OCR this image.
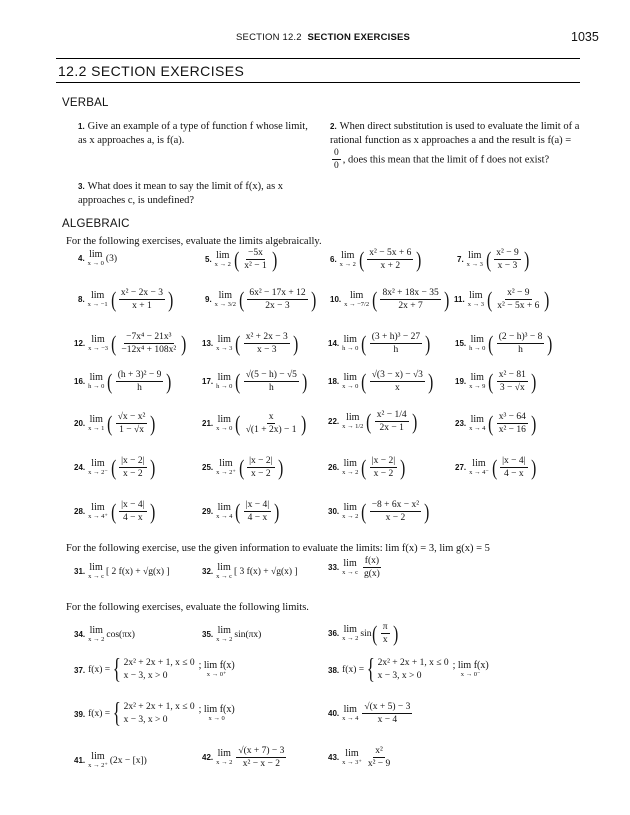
SECTION 12.2 SECTION EXERCISES	1035
12.2 SECTION EXERCISES
VERBAL
1. Give an example of a type of function f whose limit, as x approaches a, is f(a).
2. When direct substitution is used to evaluate the limit of a rational function as x approaches a and the result is f(a) =
$\frac{0}{0}$ , does this mean that the limit of f does not exist?
3. What does it mean to say the limit of f(x), as x approaches c, is undefined?
ALGEBRAIC
For the following exercises, evaluate the limits algebraically.
4. lim
x → 0 (3)	5. lim
x → 2 ( $\frac{-5x}{\text{x² − 1}}$ )	6. lim
x → 2 ( $\frac{\text{x² − 5x + 6}}{x + 2}$ )	7. lim
x → 3 ( $\frac{\text{x² − 9}}{x - 3}$ )
8. lim
x → −1 ( $\frac{\text{x² − 2x − 3}}{x + 1}$ )	9. lim
x → 3/2 ( $\frac{\text{6x² − 17x + 12}}{2x - 3}$ ) 10. lim
x → −7/2 ( $\frac{\text{8x² + 18x − 35}}{2x + 7}$ ) 11. lim
x → 3 ( $\frac{\text{x² − 9}}{\text{x² − 5x + 6}}$ )
12. lim
x → −3 ( $\frac{\text{−7x⁴ − 21x³}}{\text{−12x⁴ + 108x²}}$ ) 13. lim
x → 3 ( $\frac{\text{x² + 2x − 3}}{x - 3}$ )	14. lim
h → 0 ( $\frac{\text{(3 + h)³ − 27}}{h}$ )	15. lim
h → 0 ( $\frac{\text{(2 − h)³ − 8}}{h}$ )
16. lim
h → 0 ( $\frac{\text{(h + 3)² − 9}}{h}$ )	17. lim
h → 0 ( $\frac{√(5 - h) - √5}{h}$ )	18. lim
x → 0 ( $\frac{√(3 - x) - √3}{x}$ )	19. lim
x → 9 ( $\frac{\text{x² − 81}}{3 - √x}$ )
20. lim
x → 1 ( $\frac{\text{√x − x²}}{1 - √x}$ )	21. lim
x → 0 ( $\frac{x}{√(1 + 2x) - 1}$ )	22. lim
x → 1/2 ( $\frac{\text{x² − 1/4}}{2x - 1}$ )	23. lim
x → 4 ( $\frac{\text{x³ − 64}}{\text{x² − 16}}$ )
24. lim
x → 2⁻ ( $\frac{|x - 2|}{x - 2}$ )	25. lim
x → 2⁺ ( $\frac{|x - 2|}{x - 2}$ )	26. lim
x → 2 ( $\frac{|x - 2|}{x - 2}$ )	27. lim
x → 4⁻ ( $\frac{|x - 4|}{4 - x}$ )
28. lim
x → 4⁺ ( $\frac{|x - 4|}{4 - x}$ )	29. lim
x → 4 ( $\frac{|x - 4|}{4 - x}$ )	30. lim
x → 2 ( $\frac{\text{−8 + 6x − x²}}{x - 2}$ )
For the following exercise, use the given information to evaluate the limits: lim f(x) = 3, lim g(x) = 5
31. lim
x → c [ 2 f(x) + √g(x) ]	32. lim
x → c [ 3 f(x) + √g(x) ]	33. lim
x → c $\frac{f(x)}{g(x)}$
For the following exercises, evaluate the following limits.
34. lim
x → 2 cos(πx)	35. lim
x → 2 sin(πx)	36. lim
x → 2 sin ( $\frac{\pi}{x}$ )
37. f(x) = { 2x² + 2x + 1, x ≤ 0
x − 3, x > 0
; lim f(x)
x → 0⁺
38. f(x) = { 2x² + 2x + 1, x ≤ 0
x − 3, x > 0
; lim f(x)
x → 0⁻
39. f(x) = { 2x² + 2x + 1, x ≤ 0
x − 3, x > 0
; lim f(x)
x → 0
40. lim
$x \to 4 \frac{√(x + 5) - 3}{x - 4}$
41. lim
x → 2⁺ (2x − [x])	42. lim
$x \to 2 \frac{√(x + 7) - 3}{\text{x² − x − 2}}$	43. lim
$x \to 3^+ \frac{\text{x²}}{\text{x² − 9}}$
